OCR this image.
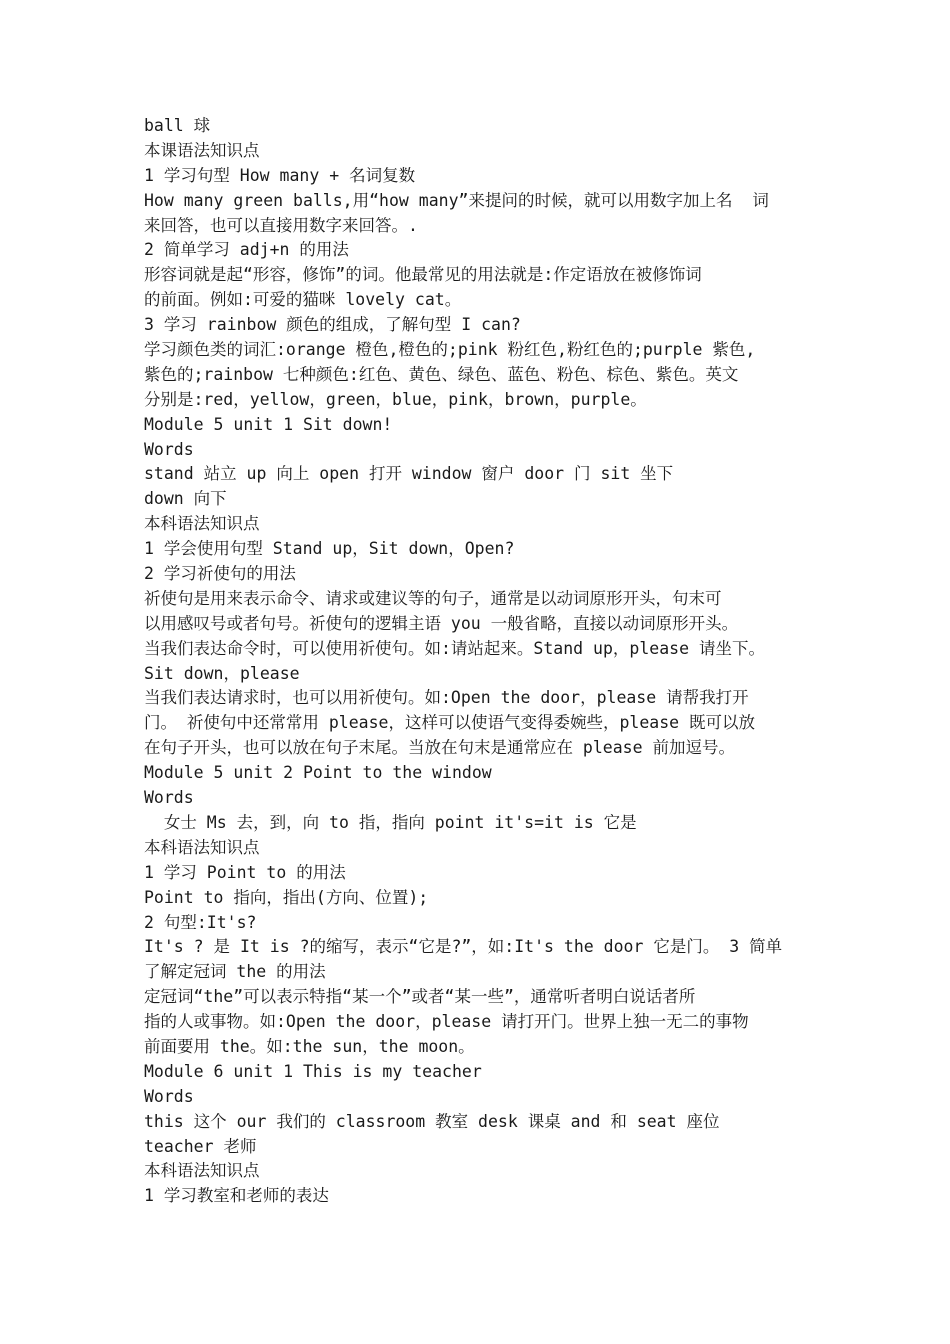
ball 球
本课语法知识点
1 学习句型 How many + 名词复数
How many green balls,用“how many”来提问的时候，就可以用数字加上名  词
来回答，也可以直接用数字来回答。.
2 简单学习 adj+n 的用法
形容词就是起“形容，修饰”的词。他最常见的用法就是:作定语放在被修饰词
的前面。例如:可爱的猫咪 lovely cat。
3 学习 rainbow 颜色的组成，了解句型 I can?
学习颜色类的词汇:orange 橙色,橙色的;pink 粉红色,粉红色的;purple 紫色,
紫色的;rainbow 七种颜色:红色、黄色、绿色、蓝色、粉色、棕色、紫色。英文
分别是:red，yellow，green，blue，pink，brown，purple。
Module 5 unit 1 Sit down!
Words
stand 站立 up 向上 open 打开 window 窗户 door 门 sit 坐下
down 向下
本科语法知识点
1 学会使用句型 Stand up，Sit down，Open?
2 学习祈使句的用法
祈使句是用来表示命令、请求或建议等的句子，通常是以动词原形开头，句末可
以用感叹号或者句号。祈使句的逻辑主语 you 一般省略，直接以动词原形开头。
当我们表达命令时，可以使用祈使句。如:请站起来。Stand up，please 请坐下。
Sit down，please
当我们表达请求时，也可以用祈使句。如:Open the door，please 请帮我打开
门。 祈使句中还常常用 please，这样可以使语气变得委婉些，please 既可以放
在句子开头，也可以放在句子末尾。当放在句末是通常应在 please 前加逗号。
Module 5 unit 2 Point to the window
Words
女士 Ms 去，到，向 to 指，指向 point it's=it is 它是
本科语法知识点
1 学习 Point to 的用法
Point to 指向，指出(方向、位置);
2 句型:It's?
It's ? 是 It is ?的缩写，表示“它是?”，如:It's the door 它是门。 3 简单
了解定冠词 the 的用法
定冠词“the”可以表示特指“某一个”或者“某一些”，通常听者明白说话者所
指的人或事物。如:Open the door，please 请打开门。世界上独一无二的事物
前面要用 the。如:the sun，the moon。
Module 6 unit 1 This is my teacher
Words
this 这个 our 我们的 classroom 教室 desk 课桌 and 和 seat 座位
teacher 老师
本科语法知识点
1 学习教室和老师的表达
